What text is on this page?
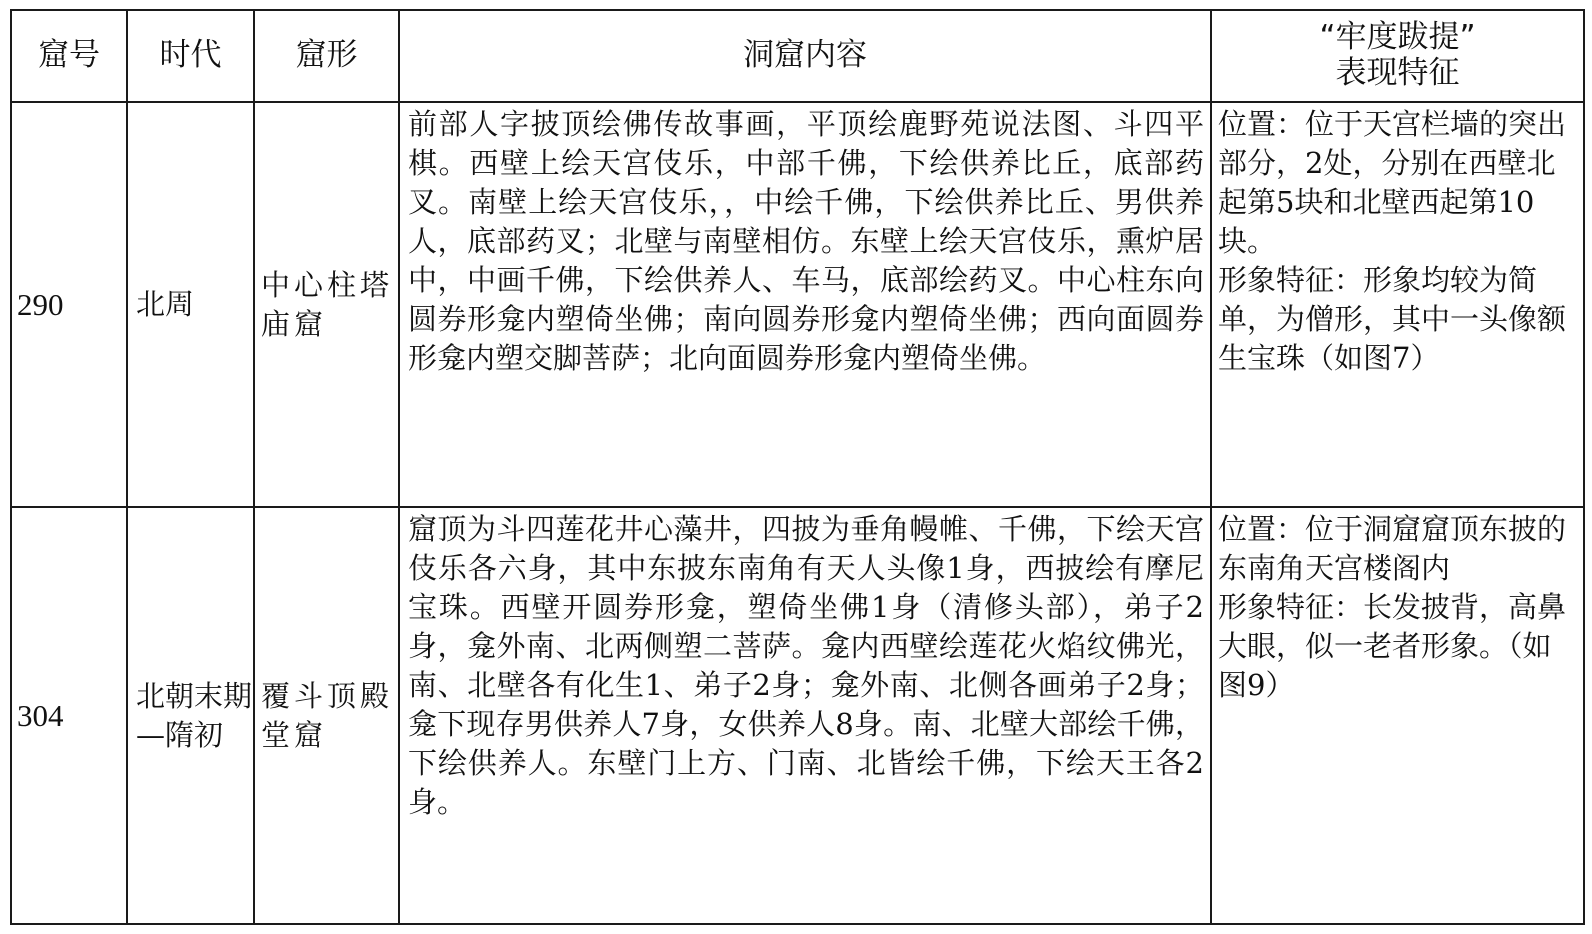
窟号	时代	窟形	洞窟内容	“牢度跋提”
表现特征

290	北周	中心柱塔庙窟	前部人字披顶绘佛传故事画，平顶绘鹿野苑说法图、斗四平棋。西壁上绘天宫伎乐，中部千佛，下绘供养比丘，底部药叉。南壁上绘天宫伎乐，，中绘千佛，下绘供养比丘、男供养人，底部药叉；北壁与南壁相仿。东壁上绘天宫伎乐，熏炉居中，中画千佛，下绘供养人、车马，底部绘药叉。中心柱东向圆券形龛内塑倚坐佛；南向圆券形龛内塑倚坐佛；西向面圆券形龛内塑交脚菩萨；北向面圆券形龛内塑倚坐佛。	位置：位于天宫栏墙的突出部分，2处，分别在西壁北起第5块和北壁西起第10块。
形象特征：形象均较为简单，为僧形，其中一头像额生宝珠（如图7）

304	北朝末期—隋初	覆斗顶殿堂窟	窟顶为斗四莲花井心藻井，四披为垂角幔帷、千佛，下绘天宫伎乐各六身，其中东披东南角有天人头像1身，西披绘有摩尼宝珠。西壁开圆券形龛，塑倚坐佛1身（清修头部），弟子2身，龛外南、北两侧塑二菩萨。龛内西壁绘莲花火焰纹佛光，南、北壁各有化生1、弟子2身；龛外南、北侧各画弟子2身；龛下现存男供养人7身，女供养人8身。南、北壁大部绘千佛，下绘供养人。东壁门上方、门南、北皆绘千佛，下绘天王各2身。	位置：位于洞窟窟顶东披的东南角天宫楼阁内
形象特征：长发披背，高鼻大眼，似一老者形象。（如图9）
